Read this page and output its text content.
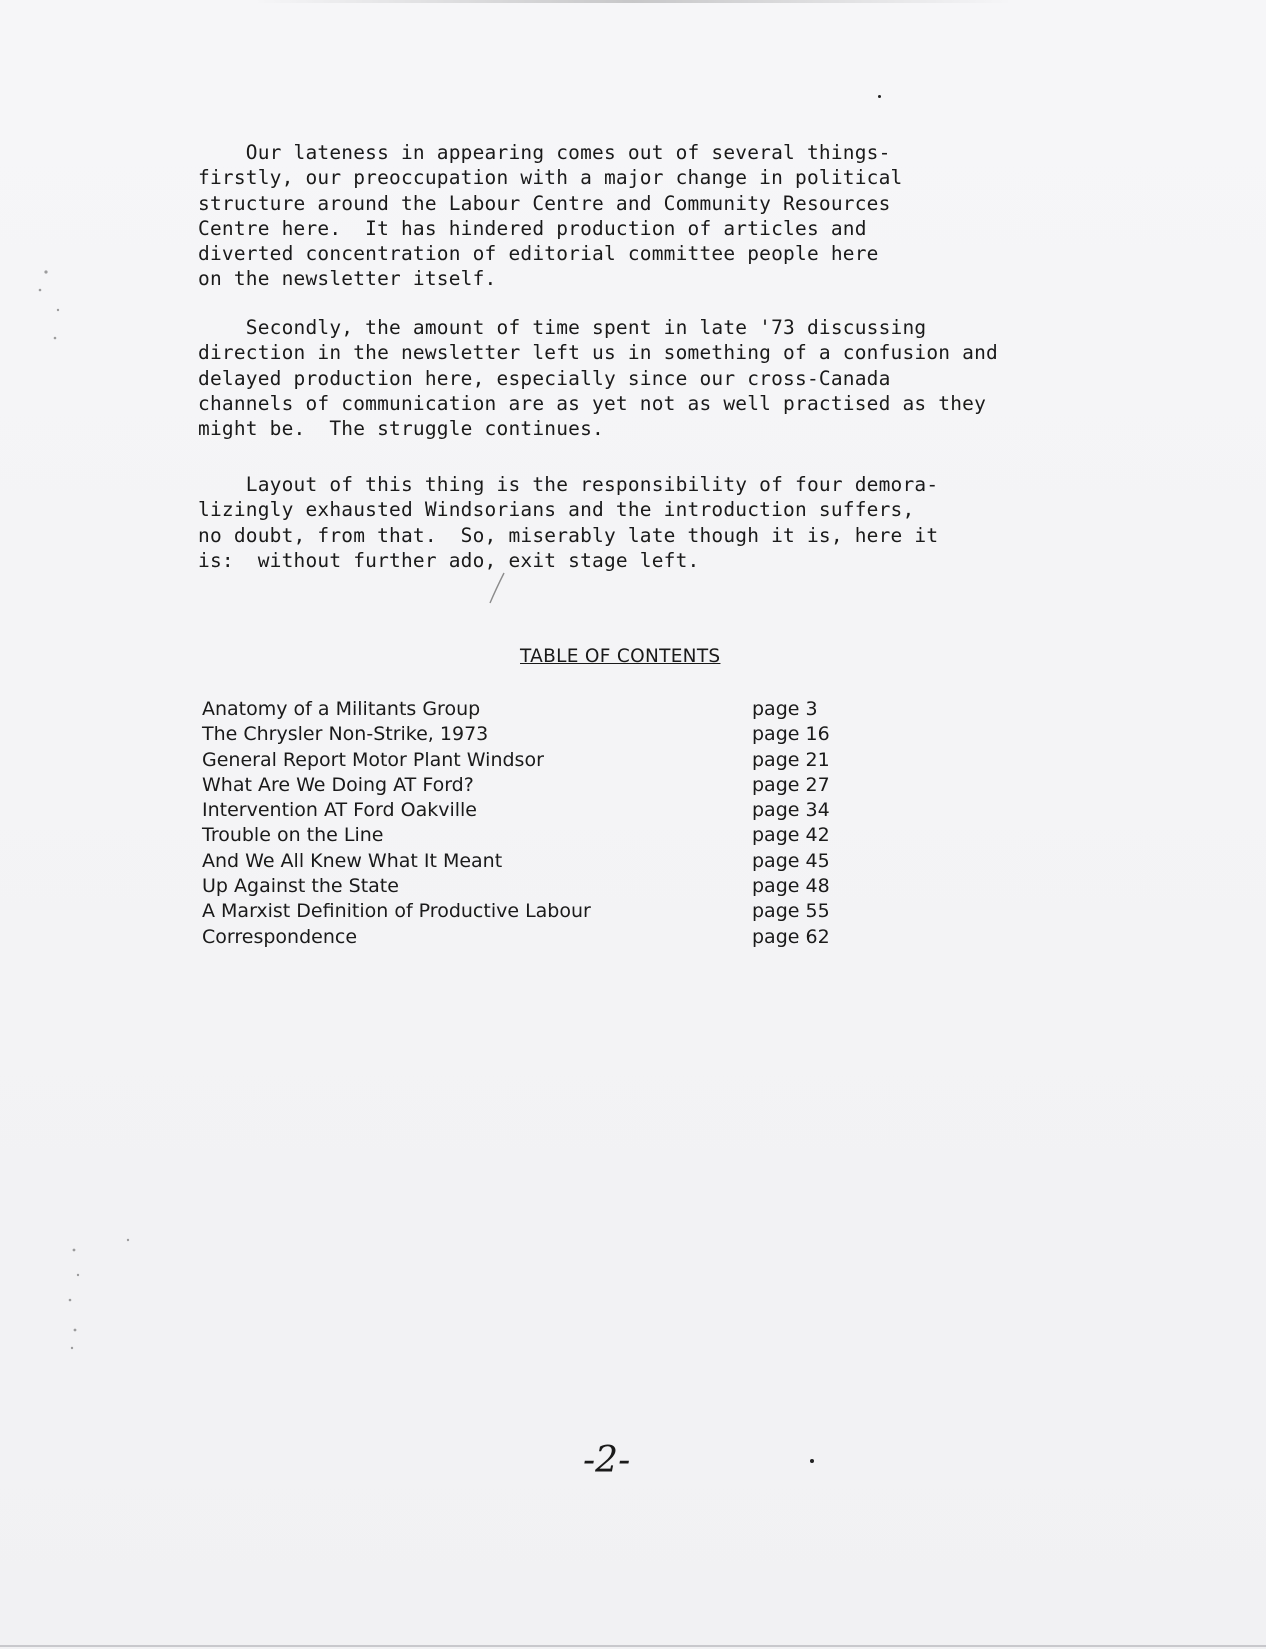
Our lateness in appearing comes out of several things-
firstly, our preoccupation with a major change in political
structure around the Labour Centre and Community Resources
Centre here.  It has hindered production of articles and
diverted concentration of editorial committee people here
on the newsletter itself.

Secondly, the amount of time spent in late '73 discussing
direction in the newsletter left us in something of a confusion and
delayed production here, especially since our cross-Canada
channels of communication are as yet not as well practised as they
might be.  The struggle continues.

Layout of this thing is the responsibility of four demora-
lizingly exhausted Windsorians and the introduction suffers,
no doubt, from that.  So, miserably late though it is, here it
is:  without further ado, exit stage left.

TABLE OF CONTENTS

Anatomy of a Militants Group	page 3
The Chrysler Non-Strike, 1973	page 16
General Report Motor Plant Windsor	page 21
What Are We Doing AT Ford?	page 27
Intervention AT Ford Oakville	page 34
Trouble on the Line	page 42
And We All Knew What It Meant	page 45
Up Against the State	page 48
A Marxist Definition of Productive Labour	page 55
Correspondence	page 62

-2-
